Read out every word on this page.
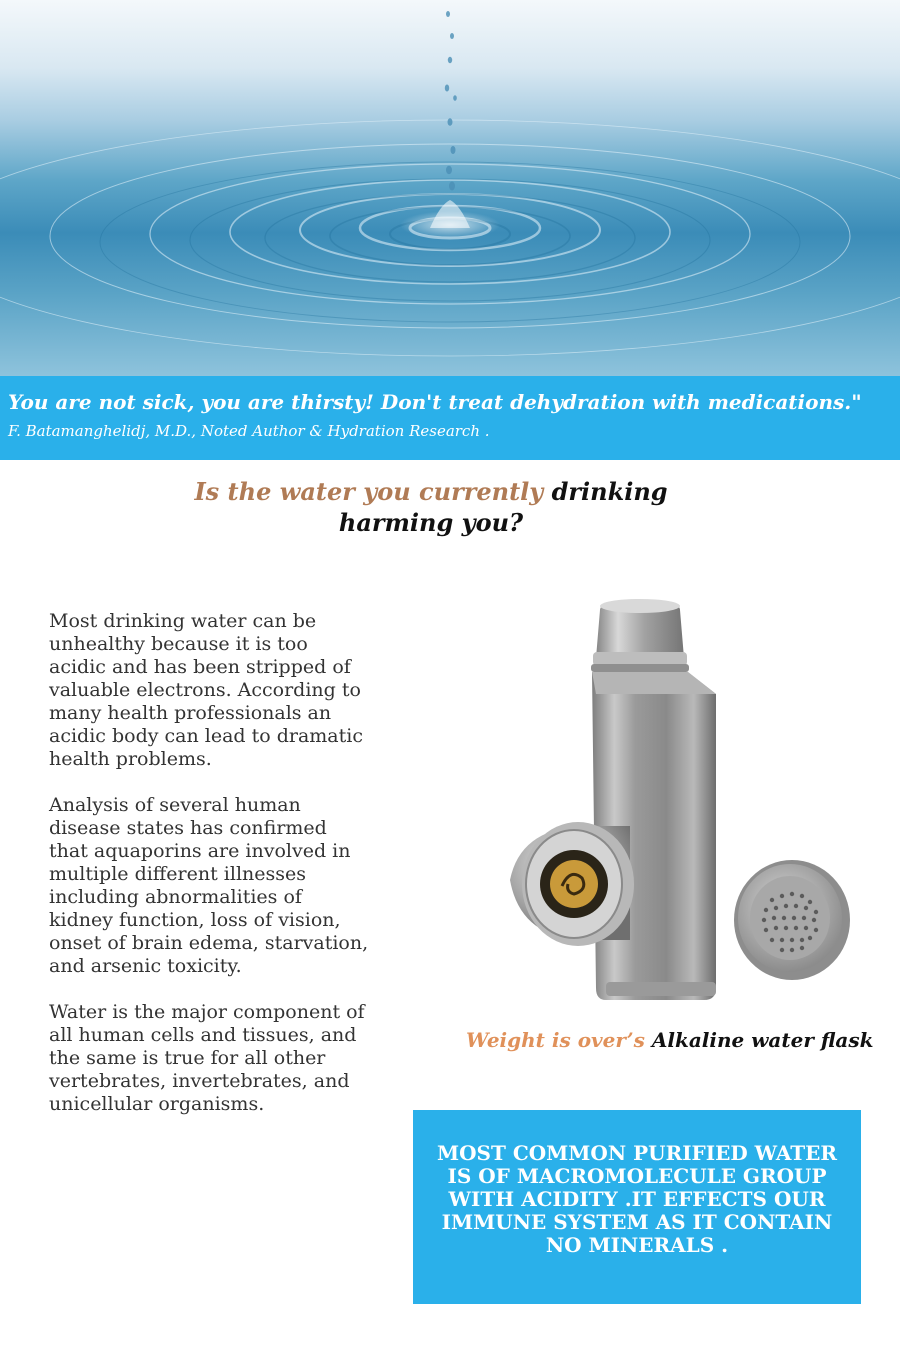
You are not sick, you are thirsty! Don't treat dehydration with medications."
F. Batamanghelidj, M.D., Noted Author & Hydration Research .
Is the water you currently drinking
harming you?

Most drinking water can be unhealthy because it is too acidic and has been stripped of valuable electrons. According to many health professionals an acidic body can lead to dramatic health problems.

Analysis of several human disease states has confirmed that aquaporins are involved in multiple different illnesses including abnormalities of kidney function, loss of vision, onset of brain edema, starvation, and arsenic toxicity.

Water is the major component of all human cells and tissues, and the same is true for all other vertebrates, invertebrates, and unicellular organisms.

Weight is over’s Alkaline water flask
MOST COMMON PURIFIED WATER IS OF MACROMOLECULE GROUP WITH ACIDITY .IT EFFECTS OUR IMMUNE SYSTEM AS IT CONTAIN NO MINERALS .
